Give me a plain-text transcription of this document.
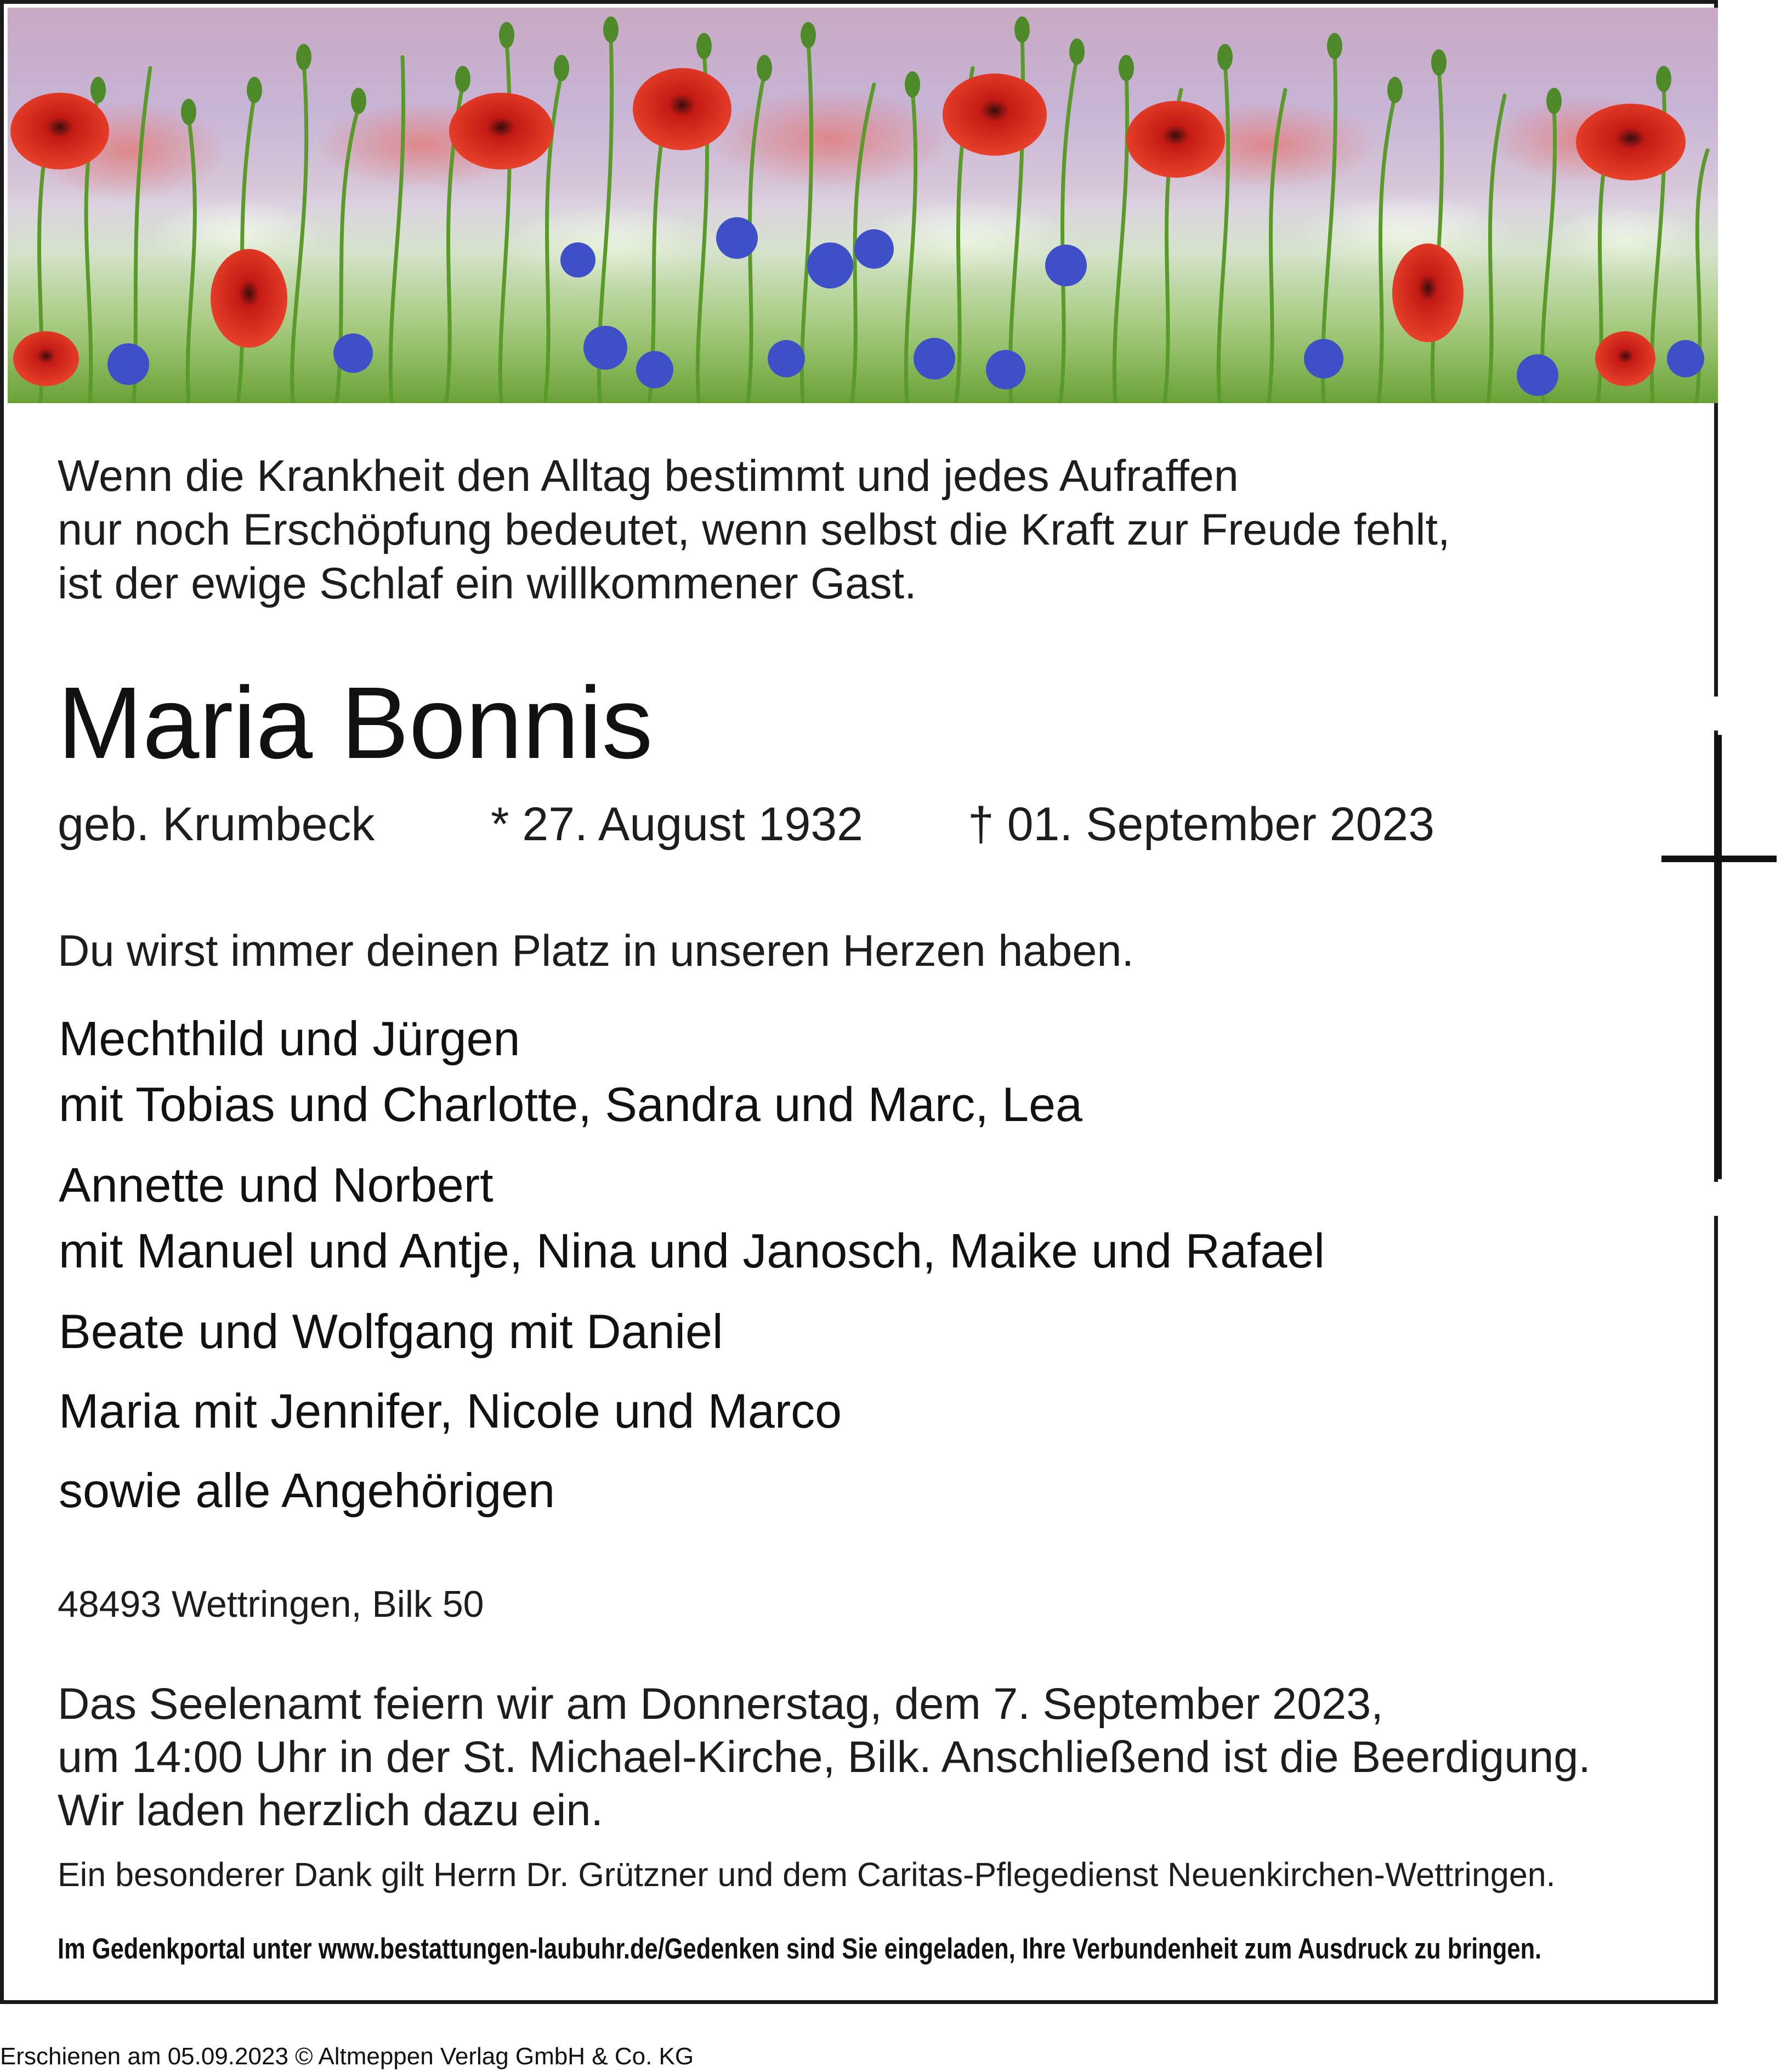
Wenn die Krankheit den Alltag bestimmt und jedes Aufraffen
nur noch Erschöpfung bedeutet, wenn selbst die Kraft zur Freude fehlt,
ist der ewige Schlaf ein willkommener Gast.
Maria Bonnis

geb. Krumbeck

* 27. August 1932

† 01. September 2023

Du wirst immer deinen Platz in unseren Herzen haben.
Mechthild und Jürgen
mit Tobias und Charlotte, Sandra und Marc, Lea
Annette und Norbert
mit Manuel und Antje, Nina und Janosch, Maike und Rafael
Beate und Wolfgang mit Daniel
Maria mit Jennifer, Nicole und Marco
sowie alle Angehörigen
48493 Wettringen, Bilk 50
Das Seelenamt feiern wir am Donnerstag, dem 7. September 2023,
um 14:00 Uhr in der St. Michael-Kirche, Bilk. Anschließend ist die Beerdigung.
Wir laden herzlich dazu ein.
Ein besonderer Dank gilt Herrn Dr. Grützner und dem Caritas-Pflegedienst Neuenkirchen-Wettringen.
Im Gedenkportal unter www.bestattungen-laubuhr.de/Gedenken sind Sie eingeladen, Ihre Verbundenheit zum Ausdruck zu bringen.
Erschienen am 05.09.2023 © Altmeppen Verlag GmbH & Co. KG
